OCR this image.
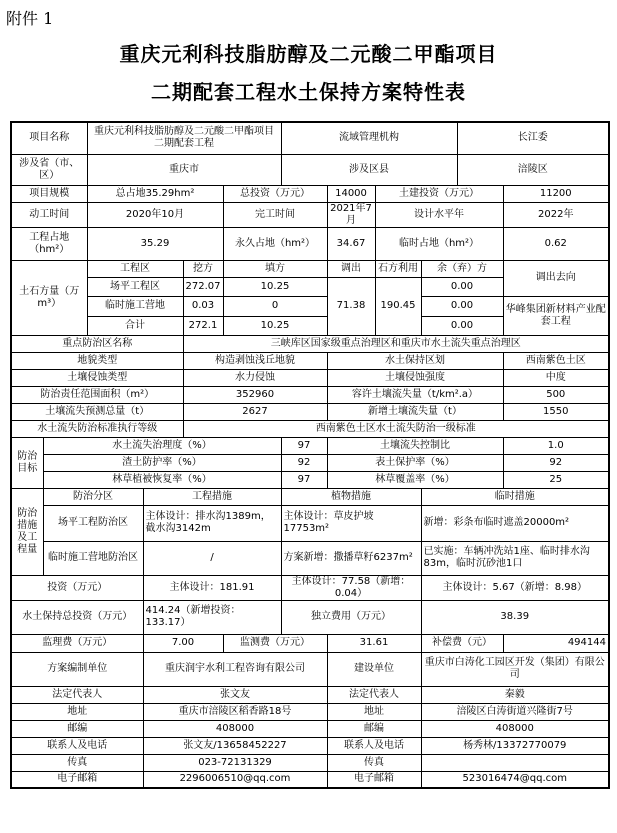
附件 1
重庆元利科技脂肪醇及二元酸二甲酯项目
二期配套工程水土保持方案特性表
项目名称		重庆元利科技脂肪醇及二元酸二甲酯项目二期配套工程				流域管理机构				长江委	
涉及省（市、区）		重庆市				涉及区县				涪陵区	
项目规模		总占地35.29hm²			总投资（万元）		14000	土建投资（万元）			11200
动工时间		2020年10月			完工时间		2021年7月	设计水平年			2022年
工程占地（hm²）		35.29			永久占地（hm²）		34.67	临时占地（hm²）			0.62
土石方量（万m³）		工程区		挖方	填方		调出	石方利用	余（弃）方		调出去向
		场平工程区		272.07	10.25		71.38	190.45	0.00		
		临时施工营地		0.03	0				0.00		华峰集团新材料产业配套工程
		合计		272.1	10.25				0.00		
重点防治区名称				三峡库区国家级重点治理区和重庆市水土流失重点治理区							
地貌类型				构造剥蚀浅丘地貌			水土保持区划				西南紫色土区
土壤侵蚀类型				水力侵蚀			土壤侵蚀强度				中度
防治责任范围面积（m²）				352960			容许土壤流失量（t/km².a）				500
土壤流失预测总量（t）				2627			新增土壤流失量（t）				1550
水土流失防治标准执行等级				西南紫色土区水土流失防治一级标准							
防治目标	水土流失治理度（%）					97	土壤流失控制比				1.0
	渣土防护率（%）					92	表土保护率（%）				92
	林草植被恢复率（%）					97	林草覆盖率（%）				25
防治措施及工程量	防治分区		工程措施			植物措施			临时措施		
	场平工程防治区		主体设计：排水沟1389m，截水沟3142m			主体设计：草皮护坡17753m²			新增：彩条布临时遮盖20000m²		
	临时施工营地防治区		/			方案新增：撒播草籽6237m²			已实施：车辆冲洗站1座、临时排水沟83m，临时沉砂池1口		
投资（万元）			主体设计：181.91			主体设计：77.58（新增：0.04）			主体设计：5.67（新增：8.98）		
水土保持总投资（万元）			414.24（新增投资：133.17）			独立费用（万元）			38.39		
监理费（万元）			7.00		监测费（万元）		31.61		补偿费（元）		494144
方案编制单位			重庆润宇水利工程咨询有限公司				建设单位		重庆市白涛化工园区开发（集团）有限公司		
法定代表人			张文友				法定代表人		秦毅		
地址			重庆市涪陵区稻香路18号				地址		涪陵区白涛街道兴隆街7号		
邮编			408000				邮编		408000		
联系人及电话			张文友/13658452227				联系人及电话		杨秀林/13372770079		
传真			023-72131329				传真				
电子邮箱			2296006510@qq.com				电子邮箱		523016474@qq.com		
